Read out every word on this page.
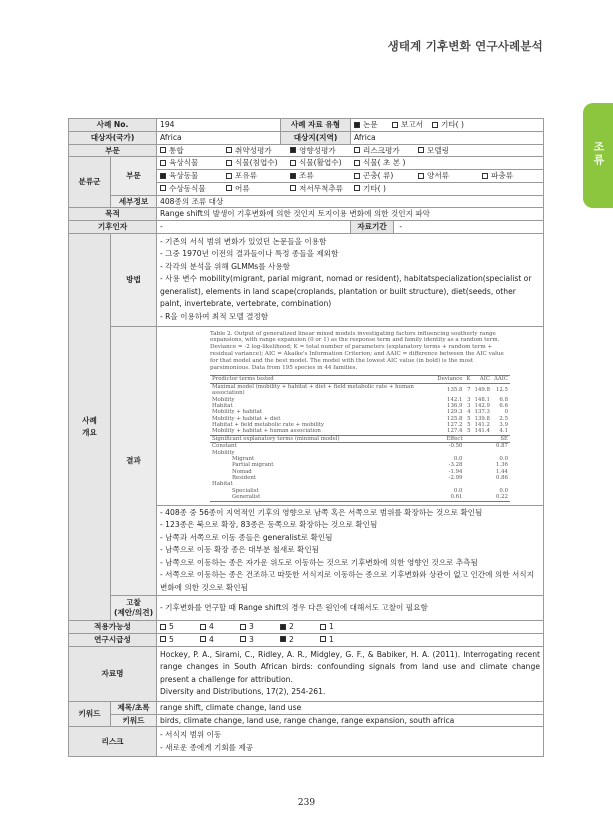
생태계 기후변화 연구사례분석
조류
사례 No.	194	사례 자료 유형	논문	보고서 기타( )
대상자(국가)	Africa	대상지(지역)	Africa
부문	통합	취약성평가	영향성평가	리스크평가	모델링
분류군	부문	육상식물	식물(침엽수)	식물(활엽수)	식물( 초 본 )
육상동물	포유류	조류	곤충( 류)	양서류	파충류
수상동식물	어류	저서무척추류	기타( )
세부정보	408종의 조류 대상
목적	Range shift의 발생이 기후변화에 의한 것인지 토지이용 변화에 의한 것인지 파악
기후인자	-	자료기간 -

사례
개요
	방법	
- 기존의 서식 범위 변화가 있었던 논문들을 이용함
- 그중 1970년 이전의 결과들이나 특정 종들을 제외함
- 각각의 분석을 위해 GLMMs를 사용함
- 사용 변수 mobility(migrant, parial migrant, nomad or resident), habitatspecialization(specialist or generalist), elements in land scape(croplands, plantation or built structure), diet(seeds, other palnt, invertebrate, vertebrate, combination)
- R을 이용하여 최적 모델 결정함

결과	
Table 2. Output of generalized linear mixed models investigating factors influencing southerly range expansions, with range expansion (0 or 1) as the response term and family identity as a random term. Deviance = -2 log-likelihood; K = total number of parameters (explanatory terms + random term + residual variance); AIC = Akaike's Information Criterion; and ΔAIC = difference between the AIC value for that model and the best model. The model with the lowest AIC value (in bold) is the most parsimonious. Data from 195 species in 44 families.
Predictor terms tested	Deviance	K	AIC	ΔAIC
Maximal model (mobility + habitat + diet + field metabolic rate + human association)	135.8	7	149.8	12.5
Mobility	142.1	3	148.1	6.8
Habitat	136.9	3	142.9	6.6
Mobility + habitat	129.3	4	137.3	0
Mobility + habitat + diet	125.8	5	139.8	2.5
Habitat + field metabolic rate + mobility	127.2	5	141.2	3.9
Mobility + habitat + human association	127.4	5	141.4	4.1
Significant explanatory terms (minimal model)	Effect			SE
Constant	-0.50			0.87
Mobility				
Migrant	0.0			0.0
Partial migrant	-3.28			1.36
Nomad	-1.94			1.44
Resident	-2.99			0.86
Habitat				
Specialist	0.0			0.0
Generalist	0.61			0.22
- 408종 중 56종이 지역적인 기후의 영향으로 남쪽 혹은 서쪽으로 범위를 확장하는 것으로 확인됨
- 123종은 북으로 확장, 83종은 동쪽으로 확장하는 것으로 확인됨
- 남쪽과 서쪽으로 이동 종들은 generalist로 확인됨
- 남쪽으로 이동 확장 종은 대부분 철새로 확인됨
- 남쪽으로 이동하는 종은 자가운 위도로 이동하는 것으로 기후변화에 의한 영향인 것으로 추측됨
- 서쪽으로 이동하는 종은 건조하고 따뜻한 서식지로 이동하는 종으로 기후변화와 상관이 없고 인간에 의한 서식지 변화에 의한 것으로 확인됨

고찰
(제안/의견)
	- 기후변화를 연구할 때 Range shift의 경우 다른 원인에 대해서도 고찰이 필요함
적용가능성	5	4	3	2	1
연구시급성	5	4	3	2	1
자료명	
Hockey, P. A., Sirami, C., Ridley, A. R., Midgley, G. F., & Babiker, H. A. (2011). Interrogating recent range changes in South African birds: confounding signals from land use and climate change present a challenge for attribution.
Diversity and Distributions, 17(2), 254-261.

키워드	제목/초록	range shift, climate change, land use
키워드	birds, climate change, land use, range change, range expansion, south africa
리스크	
- 서식지 범위 이동
- 새로운 종에게 기회를 제공
239
